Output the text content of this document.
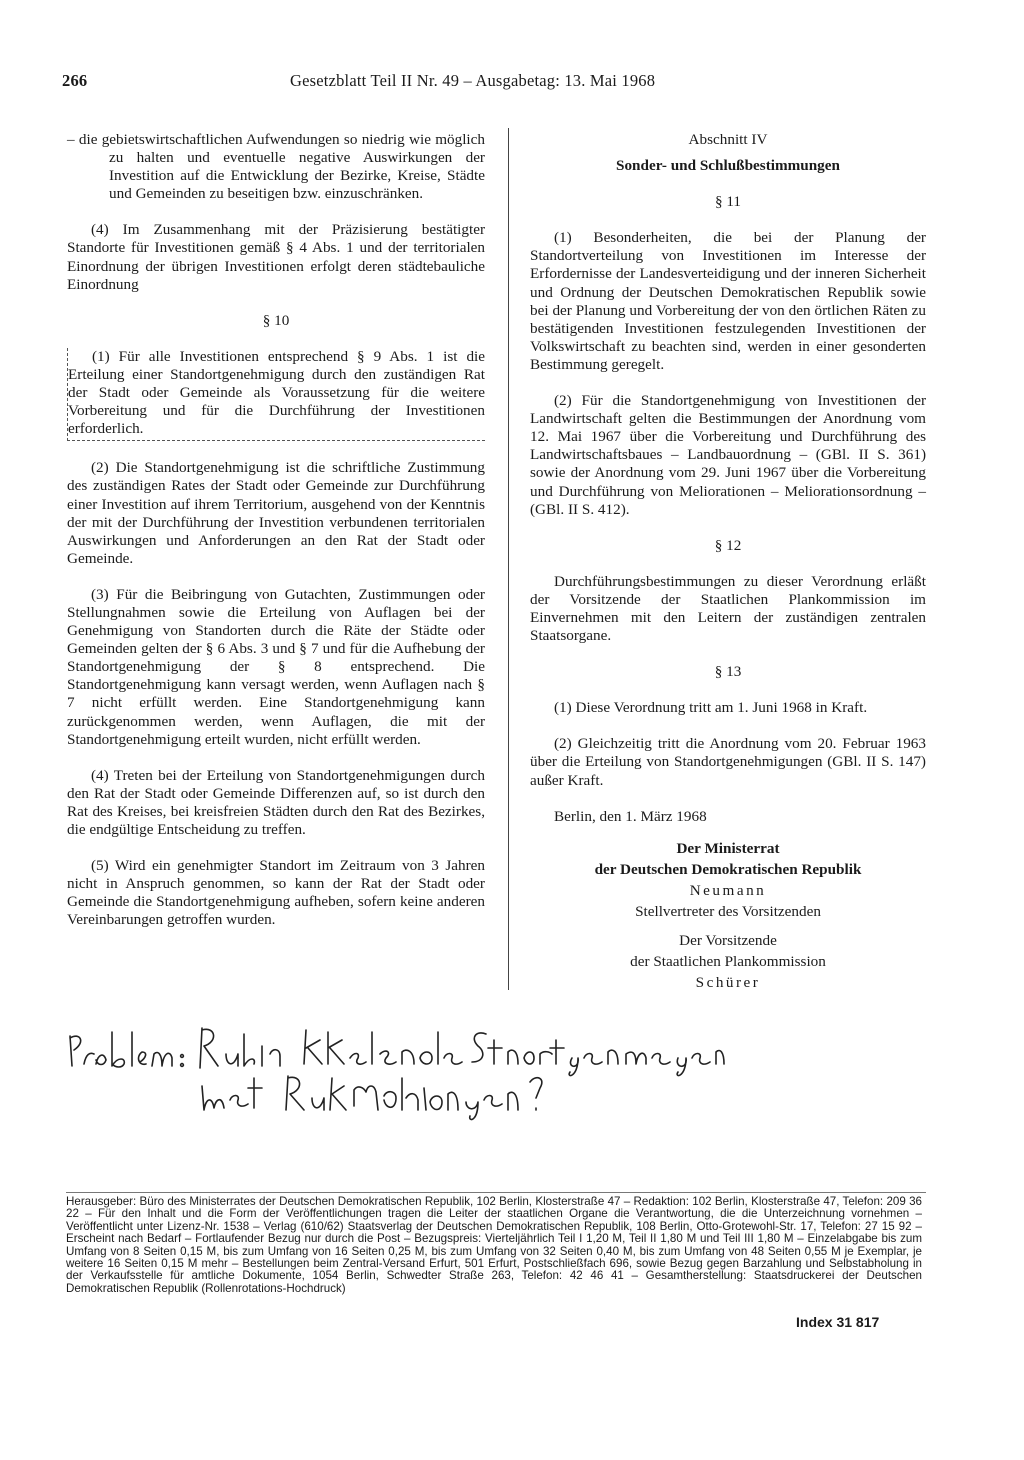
266	Gesetzblatt Teil II Nr. 49 – Ausgabetag: 13. Mai 1968

– die gebietswirtschaftlichen Aufwendungen so niedrig wie möglich zu halten und eventuelle negative Auswirkungen der Investition auf die Entwicklung der Bezirke, Kreise, Städte und Gemeinden zu beseitigen bzw. einzuschränken.

(4) Im Zusammenhang mit der Präzisierung bestätigter Standorte für Investitionen gemäß § 4 Abs. 1 und der territorialen Einordnung der übrigen Investitionen erfolgt deren städtebauliche Einordnung

§ 10

(1) Für alle Investitionen entsprechend § 9 Abs. 1 ist die Erteilung einer Standortgenehmigung durch den zuständigen Rat der Stadt oder Gemeinde als Voraussetzung für die weitere Vorbereitung und für die Durchführung der Investitionen erforderlich.

(2) Die Standortgenehmigung ist die schriftliche Zustimmung des zuständigen Rates der Stadt oder Gemeinde zur Durchführung einer Investition auf ihrem Territorium, ausgehend von der Kenntnis der mit der Durchführung der Investition verbundenen territorialen Auswirkungen und Anforderungen an den Rat der Stadt oder Gemeinde.

(3) Für die Beibringung von Gutachten, Zustimmungen oder Stellungnahmen sowie die Erteilung von Auflagen bei der Genehmigung von Standorten durch die Räte der Städte oder Gemeinden gelten der § 6 Abs. 3 und § 7 und für die Aufhebung der Standortgenehmigung der § 8 entsprechend. Die Standortgenehmigung kann versagt werden, wenn Auflagen nach § 7 nicht erfüllt werden. Eine Standortgenehmigung kann zurückgenommen werden, wenn Auflagen, die mit der Standortgenehmigung erteilt wurden, nicht erfüllt werden.

(4) Treten bei der Erteilung von Standortgenehmigungen durch den Rat der Stadt oder Gemeinde Differenzen auf, so ist durch den Rat des Kreises, bei kreisfreien Städten durch den Rat des Bezirkes, die endgültige Entscheidung zu treffen.

(5) Wird ein genehmigter Standort im Zeitraum von 3 Jahren nicht in Anspruch genommen, so kann der Rat der Stadt oder Gemeinde die Standortgenehmigung aufheben, sofern keine anderen Vereinbarungen getroffen wurden.

Abschnitt IV
Sonder- und Schlußbestimmungen
§ 11

(1) Besonderheiten, die bei der Planung der Standortverteilung von Investitionen im Interesse der Erfordernisse der Landesverteidigung und der inneren Sicherheit und Ordnung der Deutschen Demokratischen Republik sowie bei der Planung und Vorbereitung der von den örtlichen Räten zu bestätigenden Investitionen festzulegenden Investitionen der Volkswirtschaft zu beachten sind, werden in einer gesonderten Bestimmung geregelt.

(2) Für die Standortgenehmigung von Investitionen der Landwirtschaft gelten die Bestimmungen der Anordnung vom 12. Mai 1967 über die Vorbereitung und Durchführung des Landwirtschaftsbaues – Landbauordnung – (GBl. II S. 361) sowie der Anordnung vom 29. Juni 1967 über die Vorbereitung und Durchführung von Meliorationen – Meliorationsordnung – (GBl. II S. 412).

§ 12

Durchführungsbestimmungen zu dieser Verordnung erläßt der Vorsitzende der Staatlichen Plankommission im Einvernehmen mit den Leitern der zuständigen zentralen Staatsorgane.

§ 13

(1) Diese Verordnung tritt am 1. Juni 1968 in Kraft.

(2) Gleichzeitig tritt die Anordnung vom 20. Februar 1963 über die Erteilung von Standortgenehmigungen (GBl. II S. 147) außer Kraft.

Berlin, den 1. März 1968

Der Ministerrat
der Deutschen Demokratischen Republik
Neumann
Stellvertreter des Vorsitzenden
Der Vorsitzende
der Staatlichen Plankommission
Schürer
Herausgeber: Büro des Ministerrates der Deutschen Demokratischen Republik, 102 Berlin, Klosterstraße 47 – Redaktion: 102 Berlin, Klosterstraße 47, Telefon: 209 36 22 – Für den Inhalt und die Form der Veröffentlichungen tragen die Leiter der staatlichen Organe die Verantwortung, die die Unterzeichnung vornehmen – Veröffentlicht unter Lizenz-Nr. 1538 – Verlag (610/62) Staatsverlag der Deutschen Demokratischen Republik, 108 Berlin, Otto-Grotewohl-Str. 17, Telefon: 27 15 92 – Erscheint nach Bedarf – Fortlaufender Bezug nur durch die Post – Bezugspreis: Vierteljährlich Teil I 1,20 M, Teil II 1,80 M und Teil III 1,80 M – Einzelabgabe bis zum Umfang von 8 Seiten 0,15 M, bis zum Umfang von 16 Seiten 0,25 M, bis zum Umfang von 32 Seiten 0,40 M, bis zum Umfang von 48 Seiten 0,55 M je Exemplar, je weitere 16 Seiten 0,15 M mehr – Bestellungen beim Zentral-Versand Erfurt, 501 Erfurt, Postschließfach 696, sowie Bezug gegen Barzahlung und Selbstabholung in der Verkaufsstelle für amtliche Dokumente, 1054 Berlin, Schwedter Straße 263, Telefon: 42 46 41 – Gesamtherstellung: Staatsdruckerei der Deutschen Demokratischen Republik (Rollenrotations-Hochdruck)
Index 31 817
